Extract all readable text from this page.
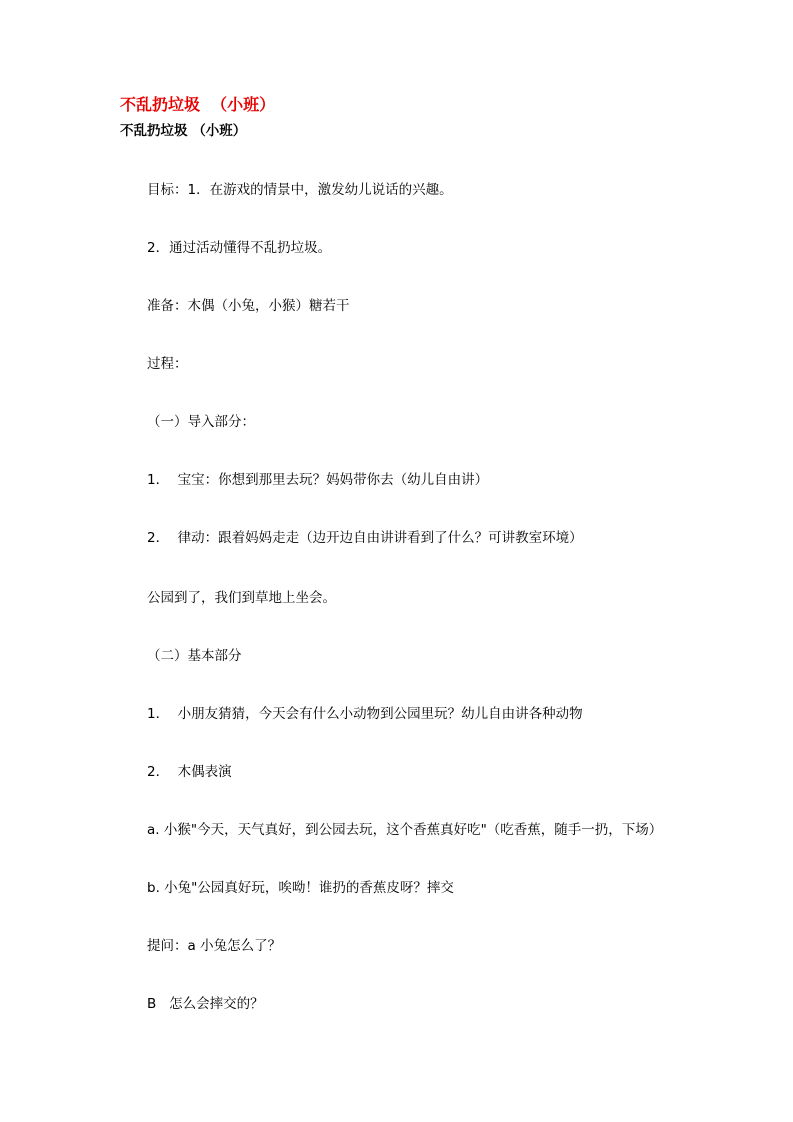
不乱扔垃圾  （小班）
不乱扔垃圾 （小班）
目标：1．在游戏的情景中，激发幼儿说话的兴趣。
2．通过活动懂得不乱扔垃圾。
准备：木偶（小兔，小猴）糖若干
过程：
（一）导入部分：
1．  宝宝：你想到那里去玩？妈妈带你去（幼儿自由讲）
2．  律动：跟着妈妈走走（边开边自由讲讲看到了什么？可讲教室环境）
公园到了，我们到草地上坐会。
（二）基本部分
1．  小朋友猜猜，今天会有什么小动物到公园里玩？幼儿自由讲各种动物
2．  木偶表演
a. 小猴"今天，天气真好，到公园去玩，这个香蕉真好吃"（吃香蕉，随手一扔，下场）
b. 小兔"公园真好玩，唉呦！谁扔的香蕉皮呀？摔交
提问：a 小兔怎么了？
B   怎么会摔交的？
